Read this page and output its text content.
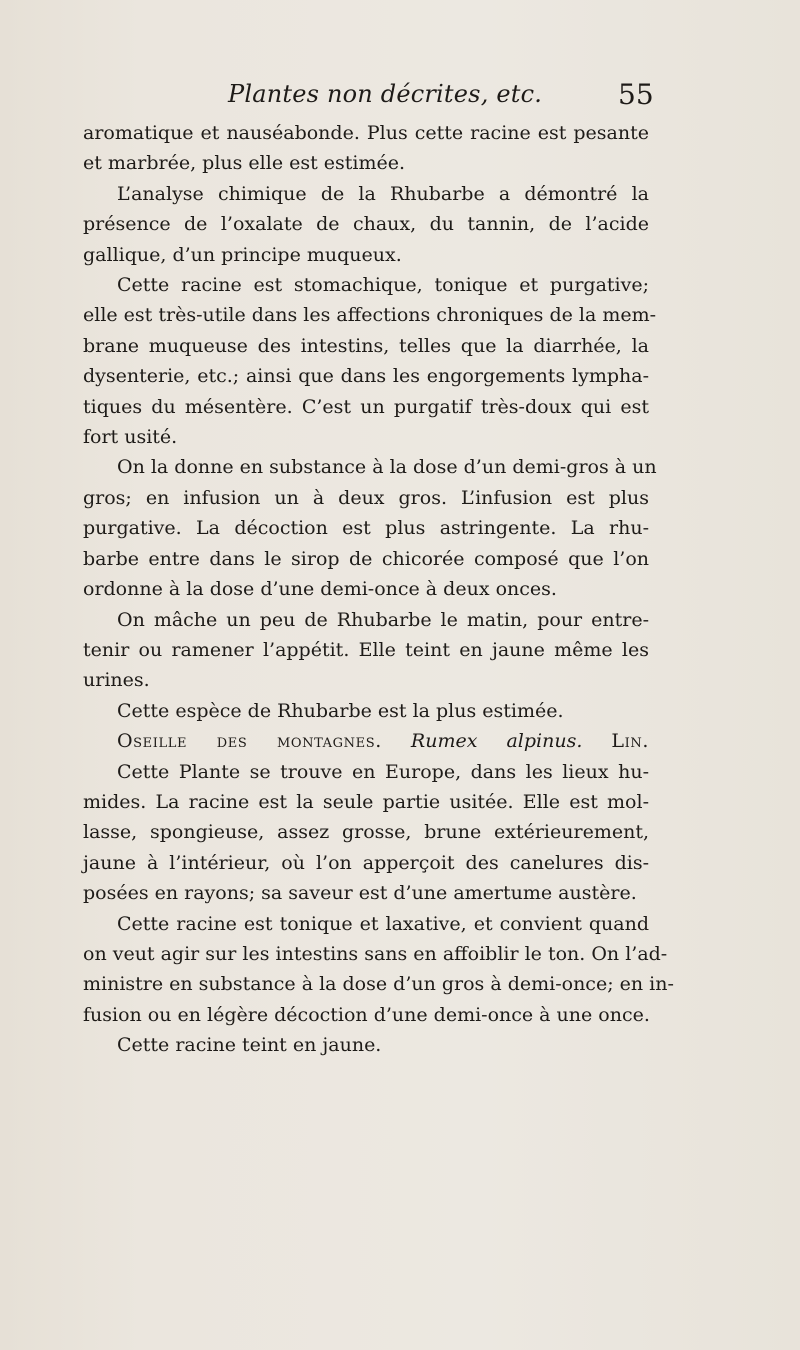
Plantes non décrites, etc.	55
aromatique et nauséabonde. Plus cette racine est pesante
et marbrée, plus elle est estimée.
L’analyse chimique de la Rhubarbe a démontré la
présence de l’oxalate de chaux, du tannin, de l’acide
gallique, d’un principe muqueux.
Cette racine est stomachique, tonique et purgative;
elle est très-utile dans les affections chroniques de la mem-
brane muqueuse des intestins, telles que la diarrhée, la
dysenterie, etc.; ainsi que dans les engorgements lympha-
tiques du mésentère. C’est un purgatif très-doux qui est
fort usité.
On la donne en substance à la dose d’un demi-gros à un
gros; en infusion un à deux gros. L’infusion est plus
purgative. La décoction est plus astringente. La rhu-
barbe entre dans le sirop de chicorée composé que l’on
ordonne à la dose d’une demi-once à deux onces.
On mâche un peu de Rhubarbe le matin, pour entre-
tenir ou ramener l’appétit. Elle teint en jaune même les
urines.
Cette espèce de Rhubarbe est la plus estimée.
Oseille des montagnes. Rumex alpinus. Lin.
Cette Plante se trouve en Europe, dans les lieux hu-
mides. La racine est la seule partie usitée. Elle est mol-
lasse, spongieuse, assez grosse, brune extérieurement,
jaune à l’intérieur, où l’on apperçoit des canelures dis-
posées en rayons; sa saveur est d’une amertume austère.
Cette racine est tonique et laxative, et convient quand
on veut agir sur les intestins sans en affoiblir le ton. On l’ad-
ministre en substance à la dose d’un gros à demi-once; en in-
fusion ou en légère décoction d’une demi-once à une once.
Cette racine teint en jaune.
